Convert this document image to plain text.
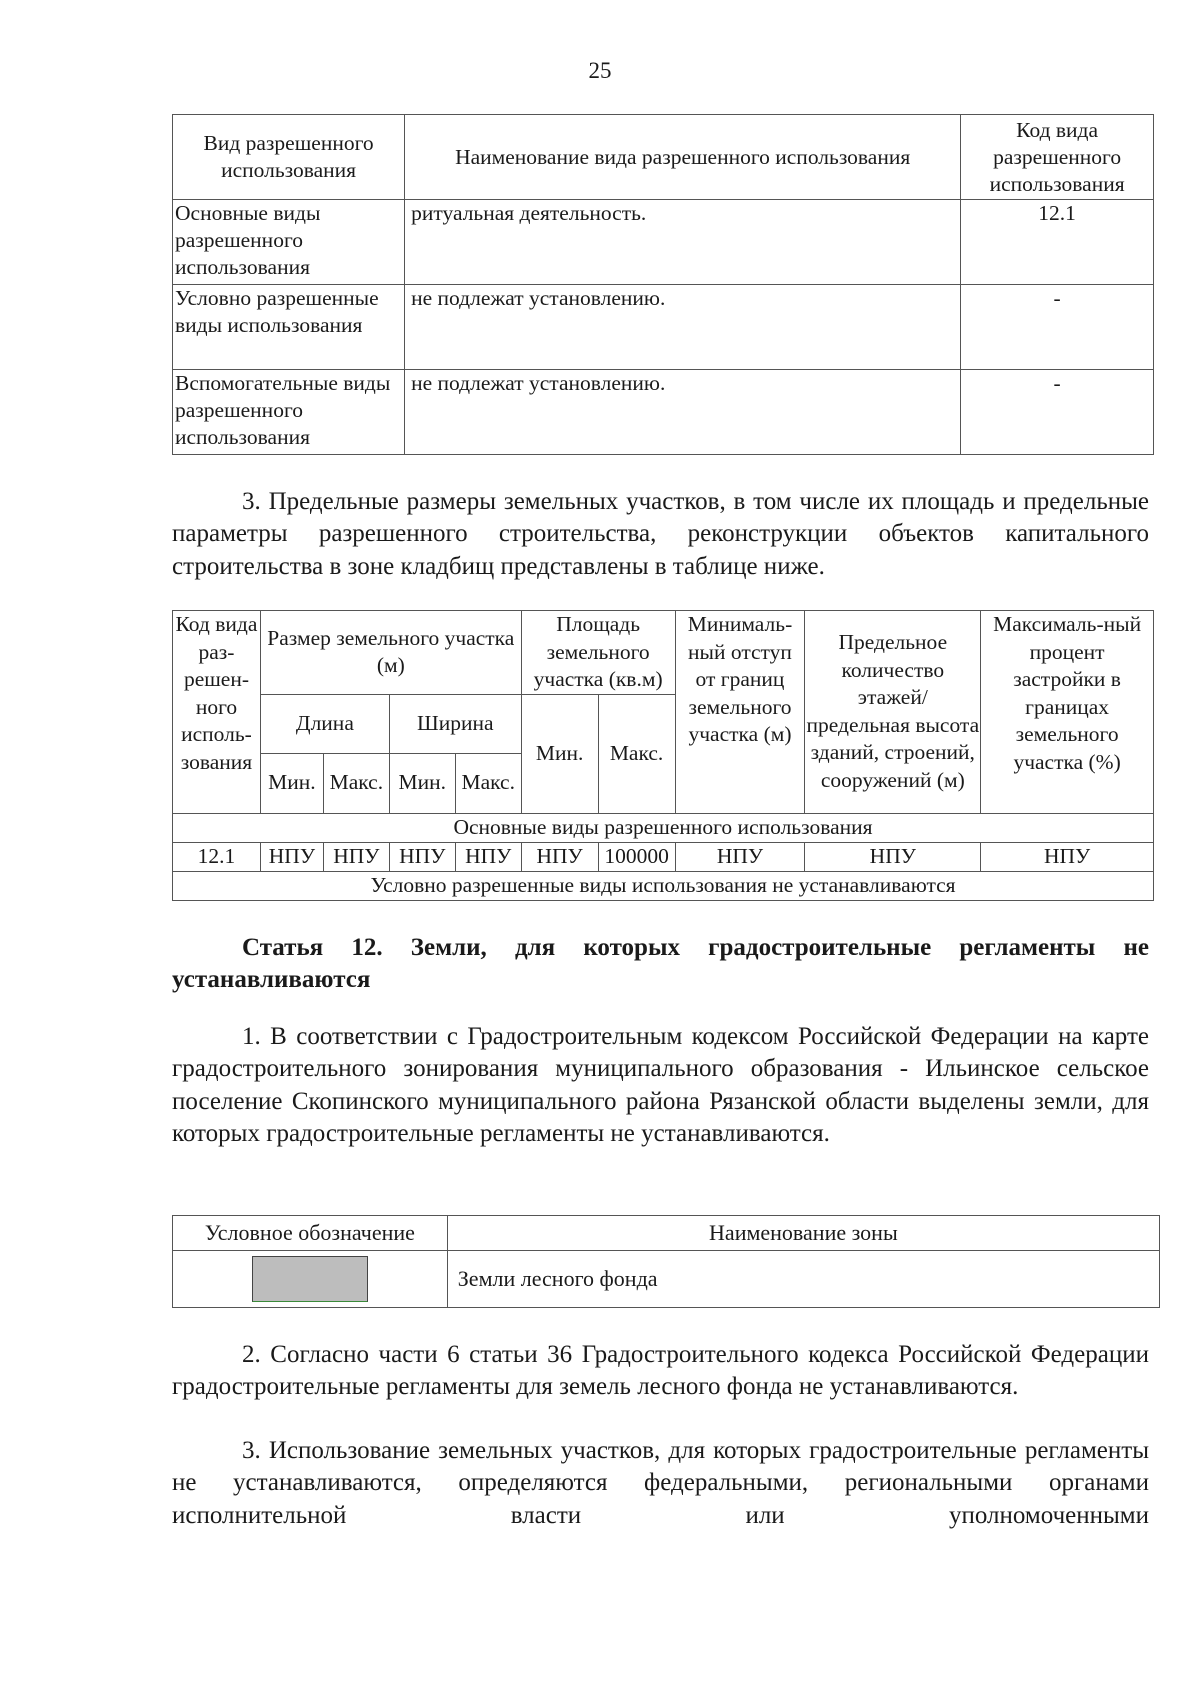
25
Вид разрешенного использования	Наименование вида разрешенного использования	Код вида разрешенного использования
Основные виды разрешенного использования	ритуальная деятельность.	12.1
Условно разрешенные виды использования	не подлежат установлению.	-
Вспомогательные виды разрешенного использования	не подлежат установлению.	-

3. Предельные размеры земельных участков, в том числе их площадь и предельные параметры разрешенного строительства, реконструкции объектов капитального строительства в зоне кладбищ представлены в таблице ниже.

Код вида раз-решен-ного исполь-зования	Размер земельного участка (м)				Площадь земельного участка (кв.м)		Минималь-ный отступ от границ земельного участка (м)	Предельное количество этажей/ предельная высота зданий, строений, сооружений (м)	Максималь-ный процент застройки в границах земельного участка (%)
	Длина		Ширина		Мин.	Макс.			
	Мин.	Макс.	Мин.	Макс.					
Основные виды разрешенного использования									
12.1	НПУ	НПУ	НПУ	НПУ	НПУ	100000	НПУ	НПУ	НПУ
Условно разрешенные виды использования не устанавливаются									

Статья 12. Земли, для которых градостроительные регламенты не устанавливаются

1. В соответствии с Градостроительным кодексом Российской Федерации на карте градостроительного зонирования муниципального образования - Ильинское сельское поселение Скопинского муниципального района Рязанской области выделены земли, для которых градостроительные регламенты не устанавливаются.

Условное обозначение	Наименование зоны

	Земли лесного фонда

2. Согласно части 6 статьи 36 Градостроительного кодекса Российской Федерации градостроительные регламенты для земель лесного фонда не устанавливаются.

3. Использование земельных участков, для которых градостроительные регламенты не устанавливаются, определяются федеральными, региональными органами исполнительной власти или уполномоченными
